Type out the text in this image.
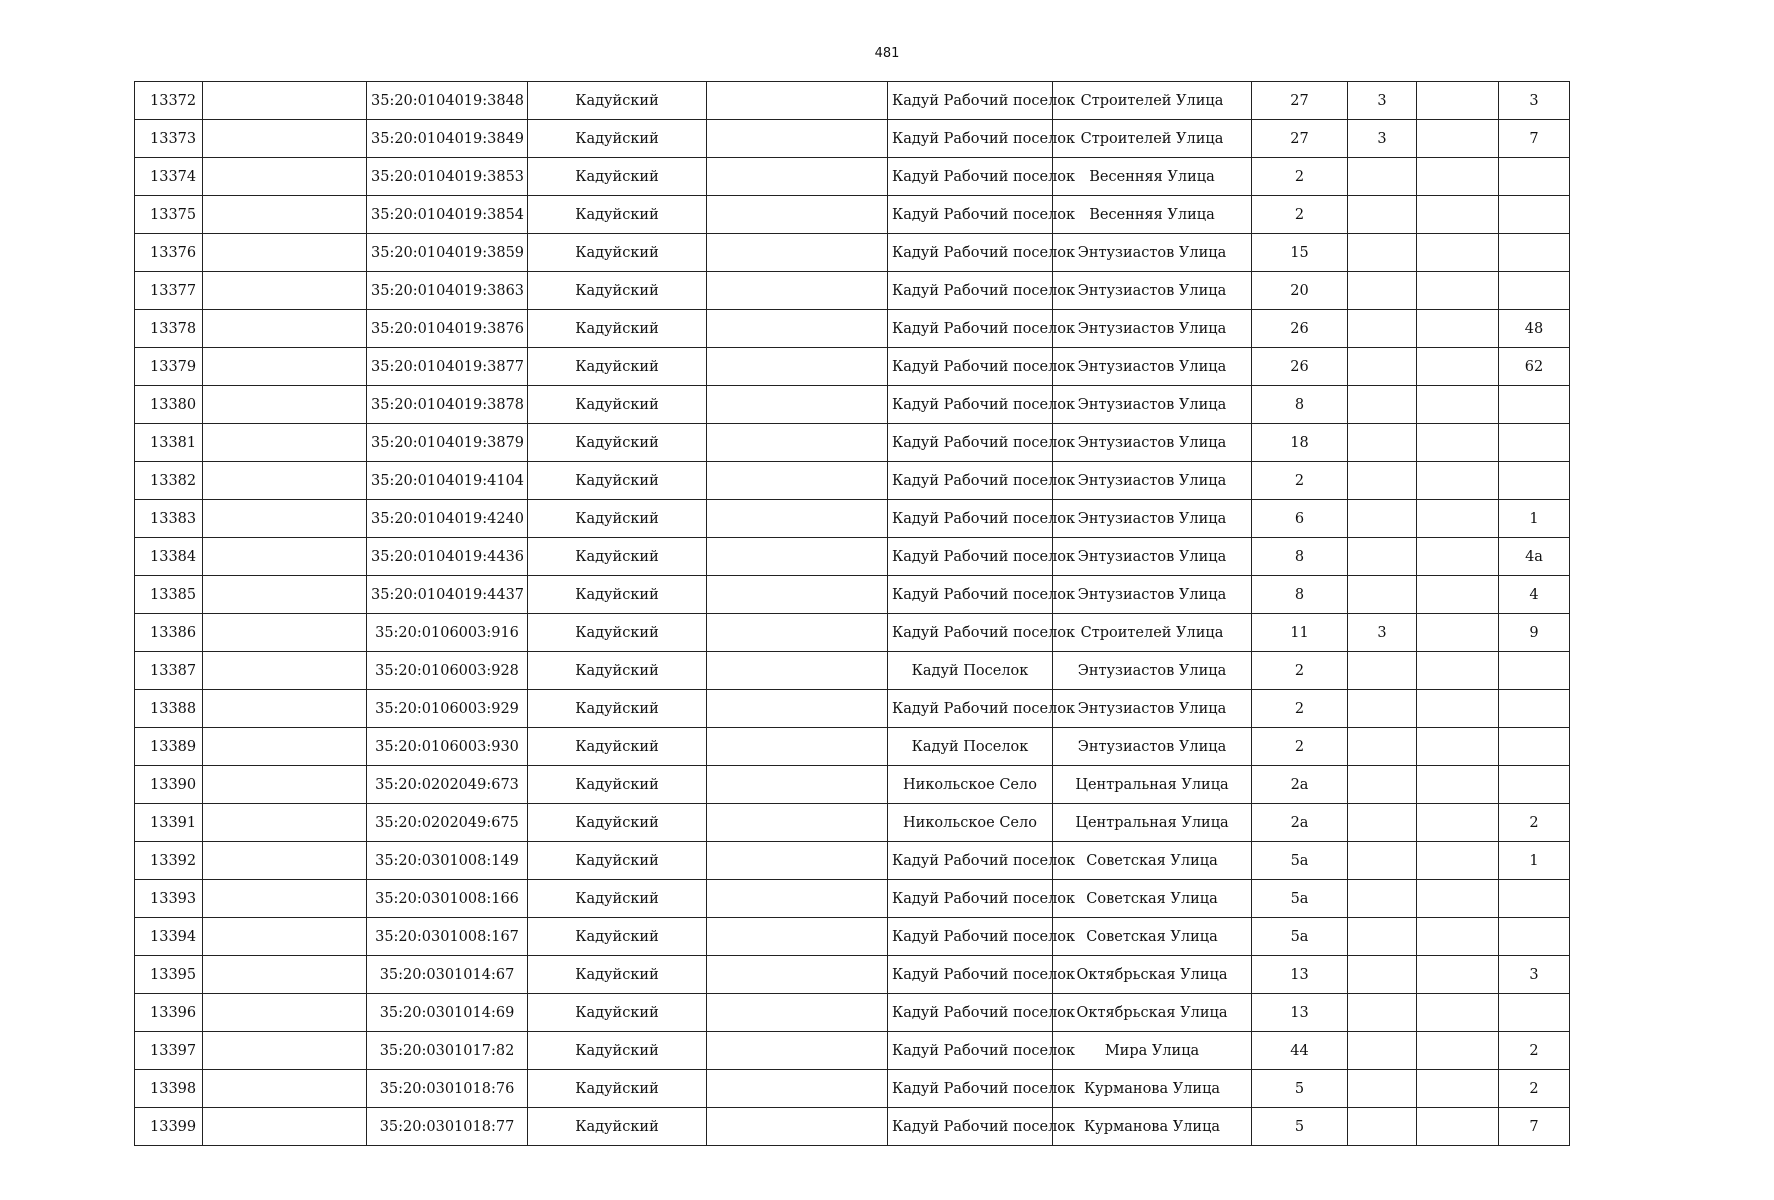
481
13372		35:20:0104019:3848	Кадуйский		Кадуй Рабочий поселок	Строителей Улица	27	3		3
13373		35:20:0104019:3849	Кадуйский		Кадуй Рабочий поселок	Строителей Улица	27	3		7
13374		35:20:0104019:3853	Кадуйский		Кадуй Рабочий поселок	Весенняя Улица	2			
13375		35:20:0104019:3854	Кадуйский		Кадуй Рабочий поселок	Весенняя Улица	2			
13376		35:20:0104019:3859	Кадуйский		Кадуй Рабочий поселок	Энтузиастов Улица	15			
13377		35:20:0104019:3863	Кадуйский		Кадуй Рабочий поселок	Энтузиастов Улица	20			
13378		35:20:0104019:3876	Кадуйский		Кадуй Рабочий поселок	Энтузиастов Улица	26			48
13379		35:20:0104019:3877	Кадуйский		Кадуй Рабочий поселок	Энтузиастов Улица	26			62
13380		35:20:0104019:3878	Кадуйский		Кадуй Рабочий поселок	Энтузиастов Улица	8			
13381		35:20:0104019:3879	Кадуйский		Кадуй Рабочий поселок	Энтузиастов Улица	18			
13382		35:20:0104019:4104	Кадуйский		Кадуй Рабочий поселок	Энтузиастов Улица	2			
13383		35:20:0104019:4240	Кадуйский		Кадуй Рабочий поселок	Энтузиастов Улица	6			1
13384		35:20:0104019:4436	Кадуйский		Кадуй Рабочий поселок	Энтузиастов Улица	8			4а
13385		35:20:0104019:4437	Кадуйский		Кадуй Рабочий поселок	Энтузиастов Улица	8			4
13386		35:20:0106003:916	Кадуйский		Кадуй Рабочий поселок	Строителей Улица	11	3		9
13387		35:20:0106003:928	Кадуйский		Кадуй Поселок	Энтузиастов Улица	2			
13388		35:20:0106003:929	Кадуйский		Кадуй Рабочий поселок	Энтузиастов Улица	2			
13389		35:20:0106003:930	Кадуйский		Кадуй Поселок	Энтузиастов Улица	2			
13390		35:20:0202049:673	Кадуйский		Никольское Село	Центральная Улица	2а			
13391		35:20:0202049:675	Кадуйский		Никольское Село	Центральная Улица	2а			2
13392		35:20:0301008:149	Кадуйский		Кадуй Рабочий поселок	Советская Улица	5а			1
13393		35:20:0301008:166	Кадуйский		Кадуй Рабочий поселок	Советская Улица	5а			
13394		35:20:0301008:167	Кадуйский		Кадуй Рабочий поселок	Советская Улица	5а			
13395		35:20:0301014:67	Кадуйский		Кадуй Рабочий поселок	Октябрьская Улица	13			3
13396		35:20:0301014:69	Кадуйский		Кадуй Рабочий поселок	Октябрьская Улица	13			
13397		35:20:0301017:82	Кадуйский		Кадуй Рабочий поселок	Мира Улица	44			2
13398		35:20:0301018:76	Кадуйский		Кадуй Рабочий поселок	Курманова Улица	5			2
13399		35:20:0301018:77	Кадуйский		Кадуй Рабочий поселок	Курманова Улица	5			7
